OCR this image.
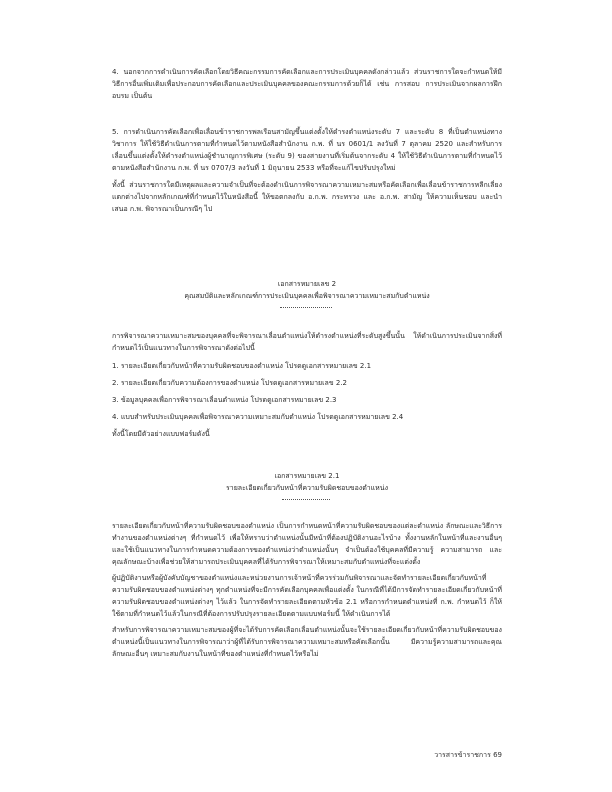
4. นอกจากการดำเนินการคัดเลือกโดยวิธีคณะกรรมการคัดเลือกและการประเมินบุคคลดังกล่าวแล้ว ส่วนราชการใดจะกำหนดให้มีวิธีการอื่นเพิ่มเติมเพื่อประกอบการคัดเลือกและประเมินบุคคลของคณะกรรมการด้วยก็ได้ เช่น การสอบ การประเมินจากผลการฝึกอบรม เป็นต้น

5. การดำเนินการคัดเลือกเพื่อเลื่อนข้าราชการพลเรือนสามัญขึ้นแต่งตั้งให้ดำรงตำแหน่งระดับ 7 และระดับ 8 ที่เป็นตำแหน่งทางวิชาการ ให้ใช้วิธีดำเนินการตามที่กำหนดไว้ตามหนังสือสำนักงาน ก.พ. ที่ นร 0601/1 ลงวันที่ 7 ตุลาคม 2520 และสำหรับการเลื่อนขึ้นแต่งตั้งให้ดำรงตำแหน่งผู้ชำนาญการพิเศษ (ระดับ 9) ของสายงานที่เริ่มต้นจากระดับ 4 ให้ใช้วิธีดำเนินการตามที่กำหนดไว้ตามหนังสือสำนักงาน ก.พ. ที่ นร 0707/3 ลงวันที่ 1 มิถุนายน 2533 หรือที่จะแก้ไขปรับปรุงใหม่

ทั้งนี้ ส่วนราชการใดมีเหตุผลและความจำเป็นที่จะต้องดำเนินการพิจารณาความเหมาะสมหรือคัดเลือกเพื่อเลื่อนข้าราชการหลีกเลี่ยงแตกต่างไปจากหลักเกณฑ์ที่กำหนดไว้ในหนังสือนี้ ให้ขอตกลงกับ อ.ก.พ. กระทรวง และ อ.ก.พ. สามัญ ให้ความเห็นชอบ และนำเสนอ ก.พ. พิจารณาเป็นกรณีๆ ไป

เอกสารหมายเลข 2
คุณสมบัติและหลักเกณฑ์การประเมินบุคคลเพื่อพิจารณาความเหมาะสมกับตำแหน่ง

การพิจารณาความเหมาะสมของบุคคลที่จะพิจารณาเลื่อนตำแหน่งให้ดำรงตำแหน่งที่ระดับสูงขึ้นนั้น ให้ดำเนินการประเมินจากสิ่งที่กำหนดไว้เป็นแนวทางในการพิจารณาดังต่อไปนี้

1. รายละเอียดเกี่ยวกับหน้าที่ความรับผิดชอบของตำแหน่ง โปรดดูเอกสารหมายเลข 2.1
2. รายละเอียดเกี่ยวกับความต้องการของตำแหน่ง โปรดดูเอกสารหมายเลข 2.2
3. ข้อมูลบุคคลเพื่อการพิจารณาเลื่อนตำแหน่ง โปรดดูเอกสารหมายเลข 2.3
4. แบบสำหรับประเมินบุคคลเพื่อพิจารณาความเหมาะสมกับตำแหน่ง โปรดดูเอกสารหมายเลข 2.4

ทั้งนี้โดยมีตัวอย่างแบบฟอร์มดังนี้

เอกสารหมายเลข 2.1
รายละเอียดเกี่ยวกับหน้าที่ความรับผิดชอบของตำแหน่ง

รายละเอียดเกี่ยวกับหน้าที่ความรับผิดชอบของตำแหน่ง เป็นการกำหนดหน้าที่ความรับผิดชอบของแต่ละตำแหน่ง ลักษณะและวิธีการทำงานของตำแหน่งต่างๆ ที่กำหนดไว้ เพื่อให้ทราบว่าตำแหน่งนั้นมีหน้าที่ต้องปฏิบัติงานอะไรบ้าง ทั้งงานหลักในหน้าที่และงานอื่นๆ และใช้เป็นแนวทางในการกำหนดความต้องการของตำแหน่งว่าตำแหน่งนั้นๆ จำเป็นต้องใช้บุคคลที่มีความรู้ ความสามารถ และคุณลักษณะบ้างเพื่อช่วยให้สามารถประเมินบุคคลที่ได้รับการพิจารณาให้เหมาะสมกับตำแหน่งที่จะแต่งตั้ง

ผู้ปฏิบัติงานหรือผู้บังคับบัญชาของตำแหน่งและหน่วยงานการเจ้าหน้าที่ควรร่วมกันพิจารณาและจัดทำรายละเอียดเกี่ยวกับหน้าที่ความรับผิดชอบของตำแหน่งต่างๆ ทุกตำแหน่งที่จะมีการคัดเลือกบุคคลเพื่อแต่งตั้ง ในกรณีที่ได้มีการจัดทำรายละเอียดเกี่ยวกับหน้าที่ความรับผิดชอบของตำแหน่งต่างๆ ไว้แล้ว ในการจัดทำรายละเอียดตามหัวข้อ 2.1 หรือการกำหนดตำแหน่งที่ ก.พ. กำหนดไว้ ก็ให้ใช้ตามที่กำหนดไว้แล้วในกรณีที่ต้องการปรับปรุงรายละเอียดตามแบบฟอร์มนี้ ให้ดำเนินการได้

สำหรับการพิจารณาความเหมาะสมของผู้ที่จะได้รับการคัดเลือกเลื่อนตำแหน่งนั้นจะใช้รายละเอียดเกี่ยวกับหน้าที่ความรับผิดชอบของตำแหน่งนี้เป็นแนวทางในการพิจารณาว่าผู้ที่ได้รับการพิจารณาความเหมาะสมหรือคัดเลือกนั้น มีความรู้ความสามารถและคุณลักษณะอื่นๆ เหมาะสมกับงานในหน้าที่ของตำแหน่งที่กำหนดไว้หรือไม่

วารสารข้าราชการ 69
